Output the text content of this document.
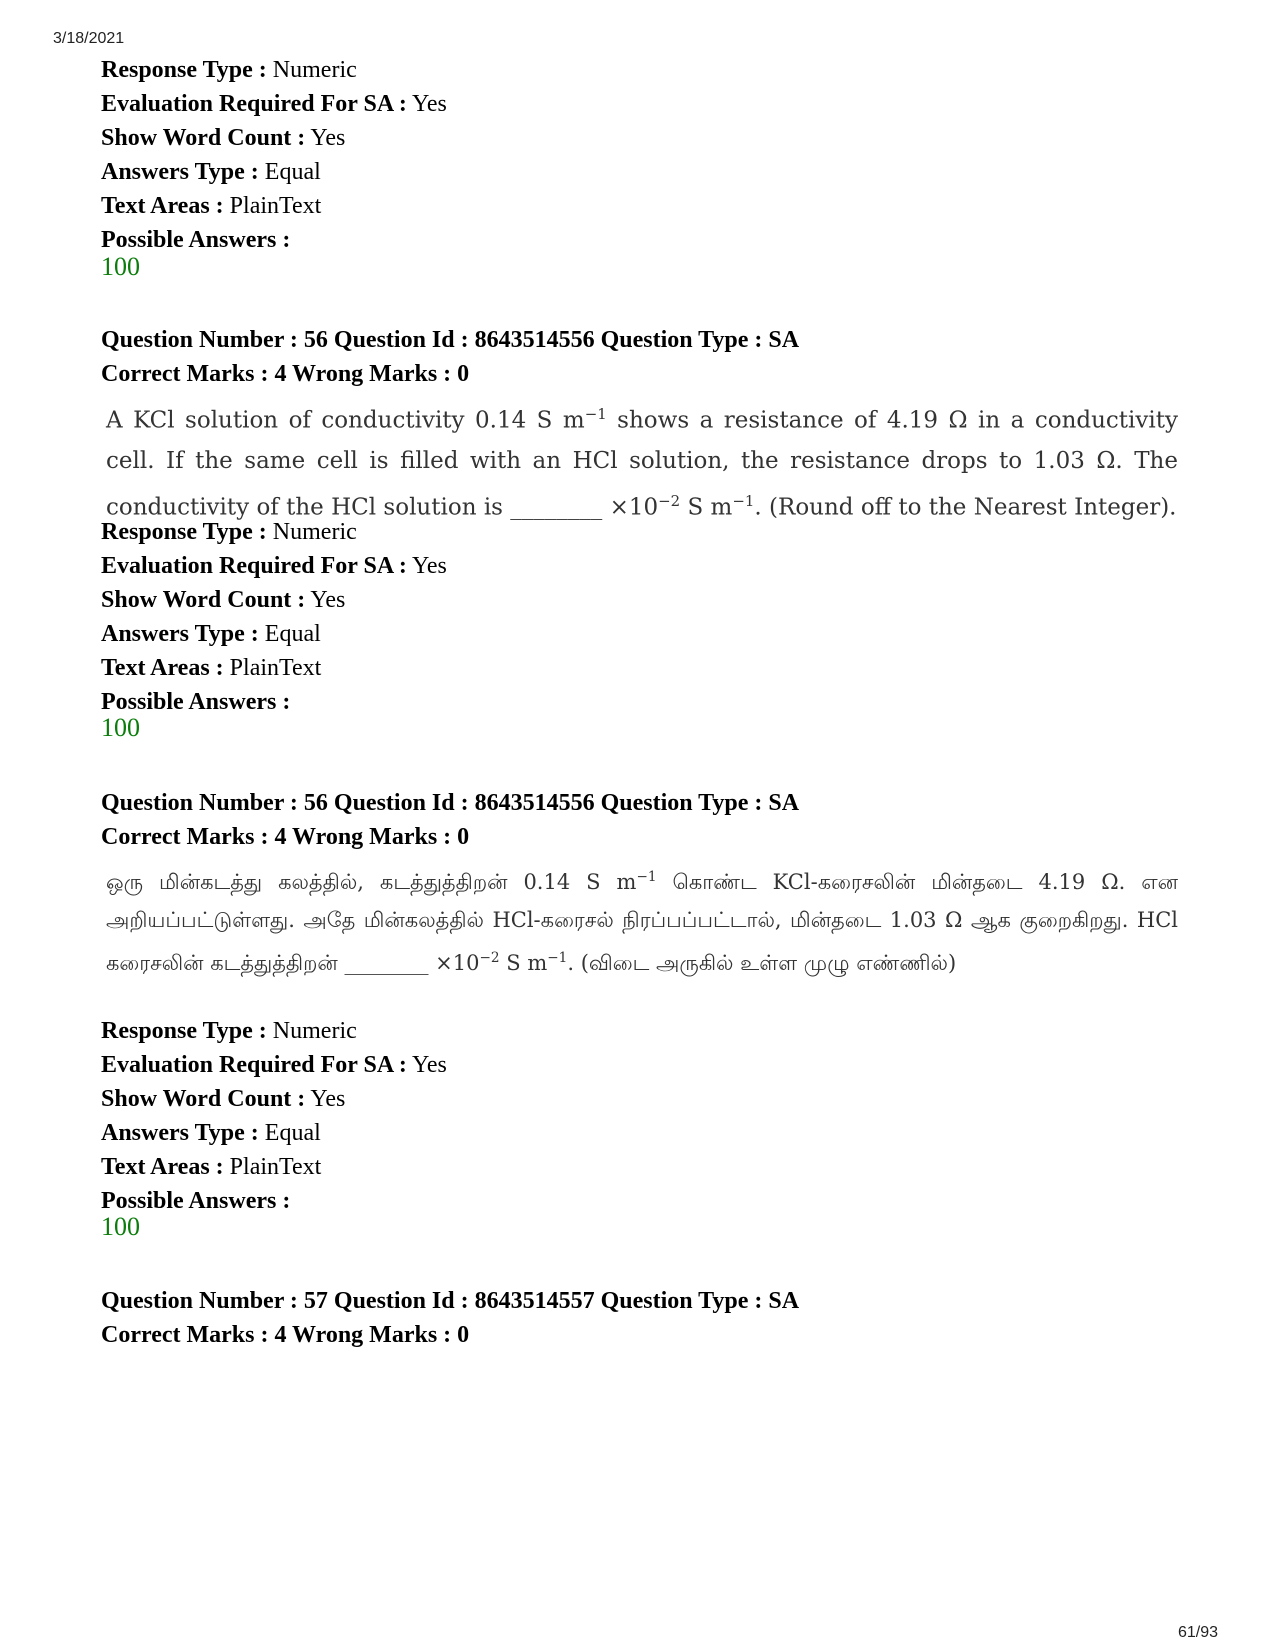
3/18/2021
Response Type : Numeric
Evaluation Required For SA : Yes
Show Word Count : Yes
Answers Type : Equal
Text Areas : PlainText
Possible Answers :
100
Question Number : 56 Question Id : 8643514556 Question Type : SA
Correct Marks : 4 Wrong Marks : 0
A KCl solution of conductivity 0.14 S $m^{-1}$ shows a resistance of 4.19 Ω in a conductivity cell. If the same cell is filled with an HCl solution, the resistance drops to 1.03 Ω. The conductivity of the HCl solution is ________ $\times 10^{-2}$ S $m^{-1}$. (Round off to the Nearest Integer).
Response Type : Numeric
Evaluation Required For SA : Yes
Show Word Count : Yes
Answers Type : Equal
Text Areas : PlainText
Possible Answers :
100
Question Number : 56 Question Id : 8643514556 Question Type : SA
Correct Marks : 4 Wrong Marks : 0
ஒரு மின்கடத்து கலத்தில், கடத்துத்திறன் 0.14 S $m^{-1}$ கொண்ட KCl-கரைசலின் மின்தடை 4.19 Ω. என அறியப்பட்டுள்ளது. அதே மின்கலத்தில் HCl-கரைசல் நிரப்பப்பட்டால், மின்தடை 1.03 Ω ஆக குறைகிறது. HCl கரைசலின் கடத்துத்திறன் ________ $\times 10^{-2}$ S $m^{-1}$. (விடை அருகில் உள்ள முழு எண்ணில்)
Response Type : Numeric
Evaluation Required For SA : Yes
Show Word Count : Yes
Answers Type : Equal
Text Areas : PlainText
Possible Answers :
100
Question Number : 57 Question Id : 8643514557 Question Type : SA
Correct Marks : 4 Wrong Marks : 0
61/93
